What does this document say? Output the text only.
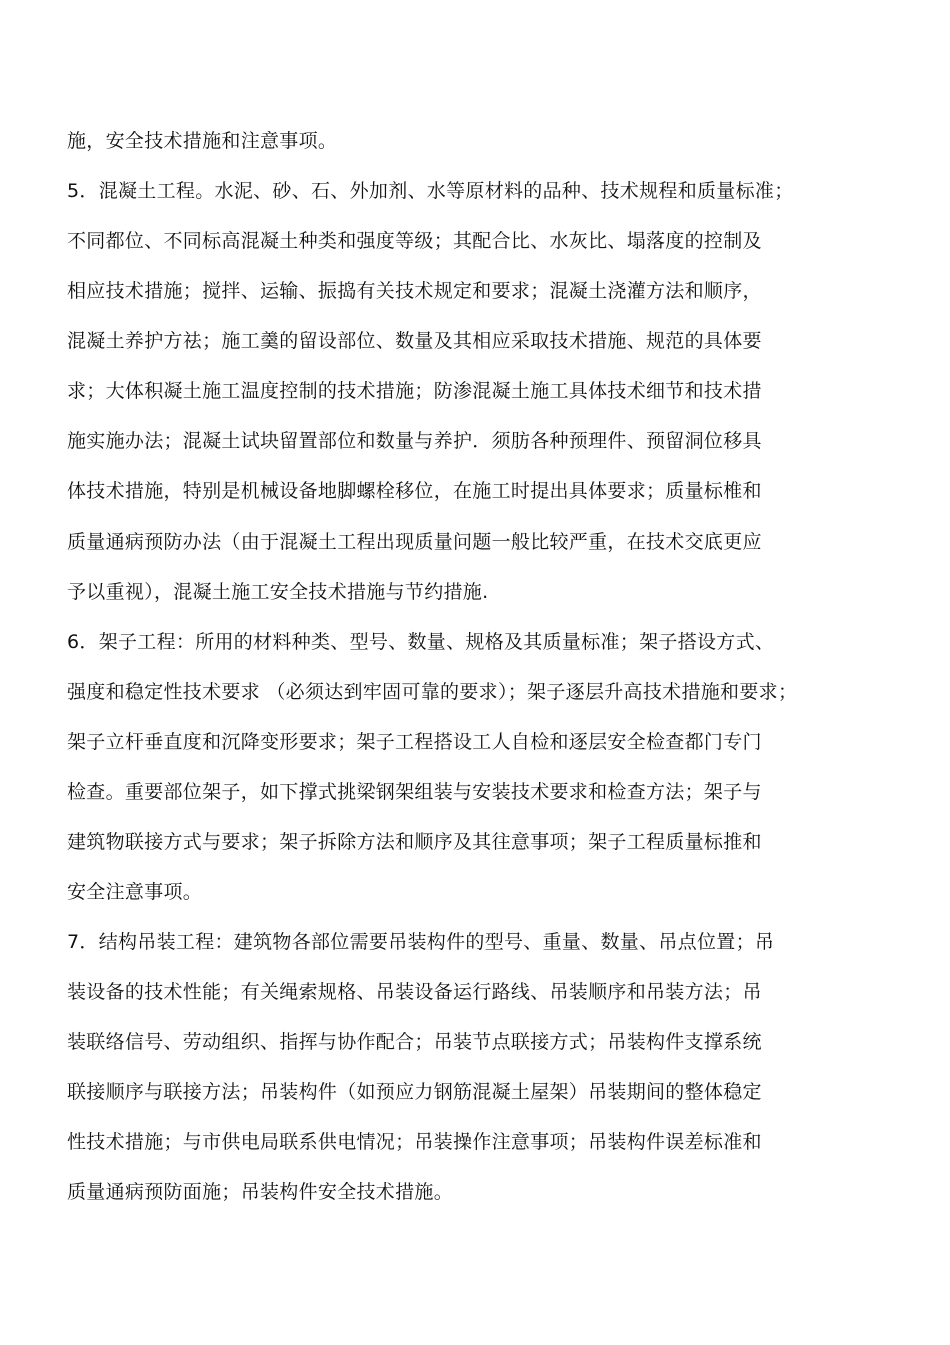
施，安全技术措施和注意事项。
5．混凝土工程。水泥、砂、石、外加剂、水等原材料的品种、技术规程和质量标准；
不同都位、不同标高混凝土种类和强度等级；其配合比、水灰比、塌落度的控制及
相应技术措施；搅拌、运输、振捣有关技术规定和要求；混凝土浇灌方法和顺序，
混凝土养护方祛；施工羹的留设部位、数量及其相应采取技术措施、规范的具体要
求；大体积凝土施工温度控制的技术措施；防渗混凝土施工具体技术细节和技术措
施实施办法；混凝土试块留置部位和数量与养护．须肪各种预理件、预留洞位移具
体技术措施，特别是机械设备地脚螺栓移位，在施工时提出具体要求；质量标椎和
质量通病预防办法（由于混凝土工程出现质量问题一般比较严重，在技术交底更应
予以重视），混凝土施工安全技术措施与节约措施.
6．架子工程：所用的材料种类、型号、数量、规格及其质量标准；架子搭设方式、
强度和稳定性技术要求 （必须达到牢固可靠的要求）；架子逐层升高技术措施和要求；
架子立杆垂直度和沉降变形要求；架子工程搭设工人自检和逐层安全检查都门专门
检查。重要部位架子，如下撑式挑梁钢架组装与安装技术要求和检查方法；架子与
建筑物联接方式与要求；架子拆除方法和顺序及其往意事项；架子工程质量标推和
安全注意事项。
7．结构吊装工程：建筑物各部位需要吊装构件的型号、重量、数量、吊点位置；吊
装设备的技术性能；有关绳索规格、吊装设备运行路线、吊装顺序和吊装方法；吊
装联络信号、劳动组织、指挥与协作配合；吊装节点联接方式；吊装构件支撑系统
联接顺序与联接方法；吊装构件（如预应力钢筋混凝土屋架）吊装期间的整体稳定
性技术措施；与市供电局联系供电情况；吊装操作注意事项；吊装构件误差标准和
质量通病预防面施；吊装构件安全技术措施。
